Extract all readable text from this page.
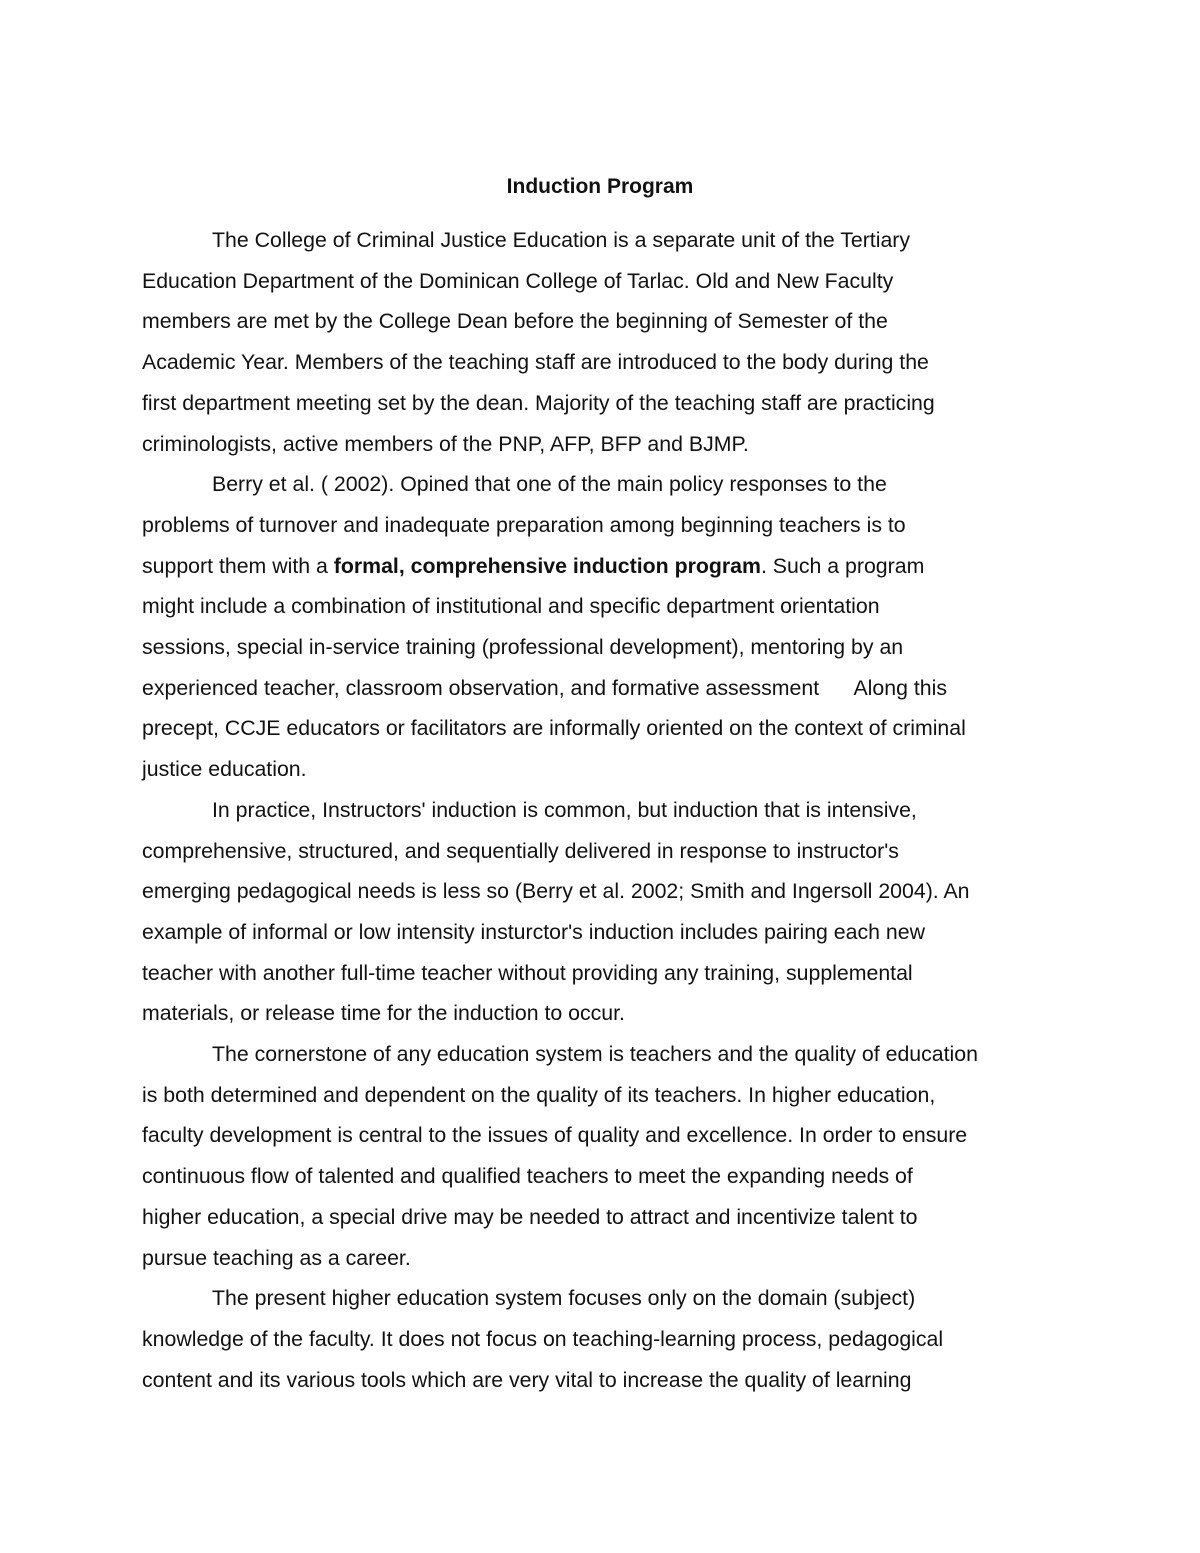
Induction Program

The College of Criminal Justice Education is a separate unit of the Tertiary
Education Department of the Dominican College of Tarlac. Old and New Faculty
members are met by the College Dean before the beginning of Semester of the
Academic Year. Members of the teaching staff are introduced to the body during the
first department meeting set by the dean. Majority of the teaching staff are practicing
criminologists, active members of the PNP, AFP, BFP and BJMP.

Berry et al. ( 2002). Opined that one of the main policy responses to the
problems of turnover and inadequate preparation among beginning teachers is to
support them with a formal, comprehensive induction program. Such a program
might include a combination of institutional and specific department orientation
sessions, special in-service training (professional development), mentoring by an
experienced teacher, classroom observation, and formative assessment      Along this
precept, CCJE educators or facilitators are informally oriented on the context of criminal
justice education.

In practice, Instructors' induction is common, but induction that is intensive,
comprehensive, structured, and sequentially delivered in response to instructor's
emerging pedagogical needs is less so (Berry et al. 2002; Smith and Ingersoll 2004). An
example of informal or low intensity insturctor's induction includes pairing each new
teacher with another full-time teacher without providing any training, supplemental
materials, or release time for the induction to occur.

The cornerstone of any education system is teachers and the quality of education
is both determined and dependent on the quality of its teachers. In higher education,
faculty development is central to the issues of quality and excellence. In order to ensure
continuous flow of talented and qualified teachers to meet the expanding needs of
higher education, a special drive may be needed to attract and incentivize talent to
pursue teaching as a career.

The present higher education system focuses only on the domain (subject)
knowledge of the faculty. It does not focus on teaching-learning process, pedagogical
content and its various tools which are very vital to increase the quality of learning
